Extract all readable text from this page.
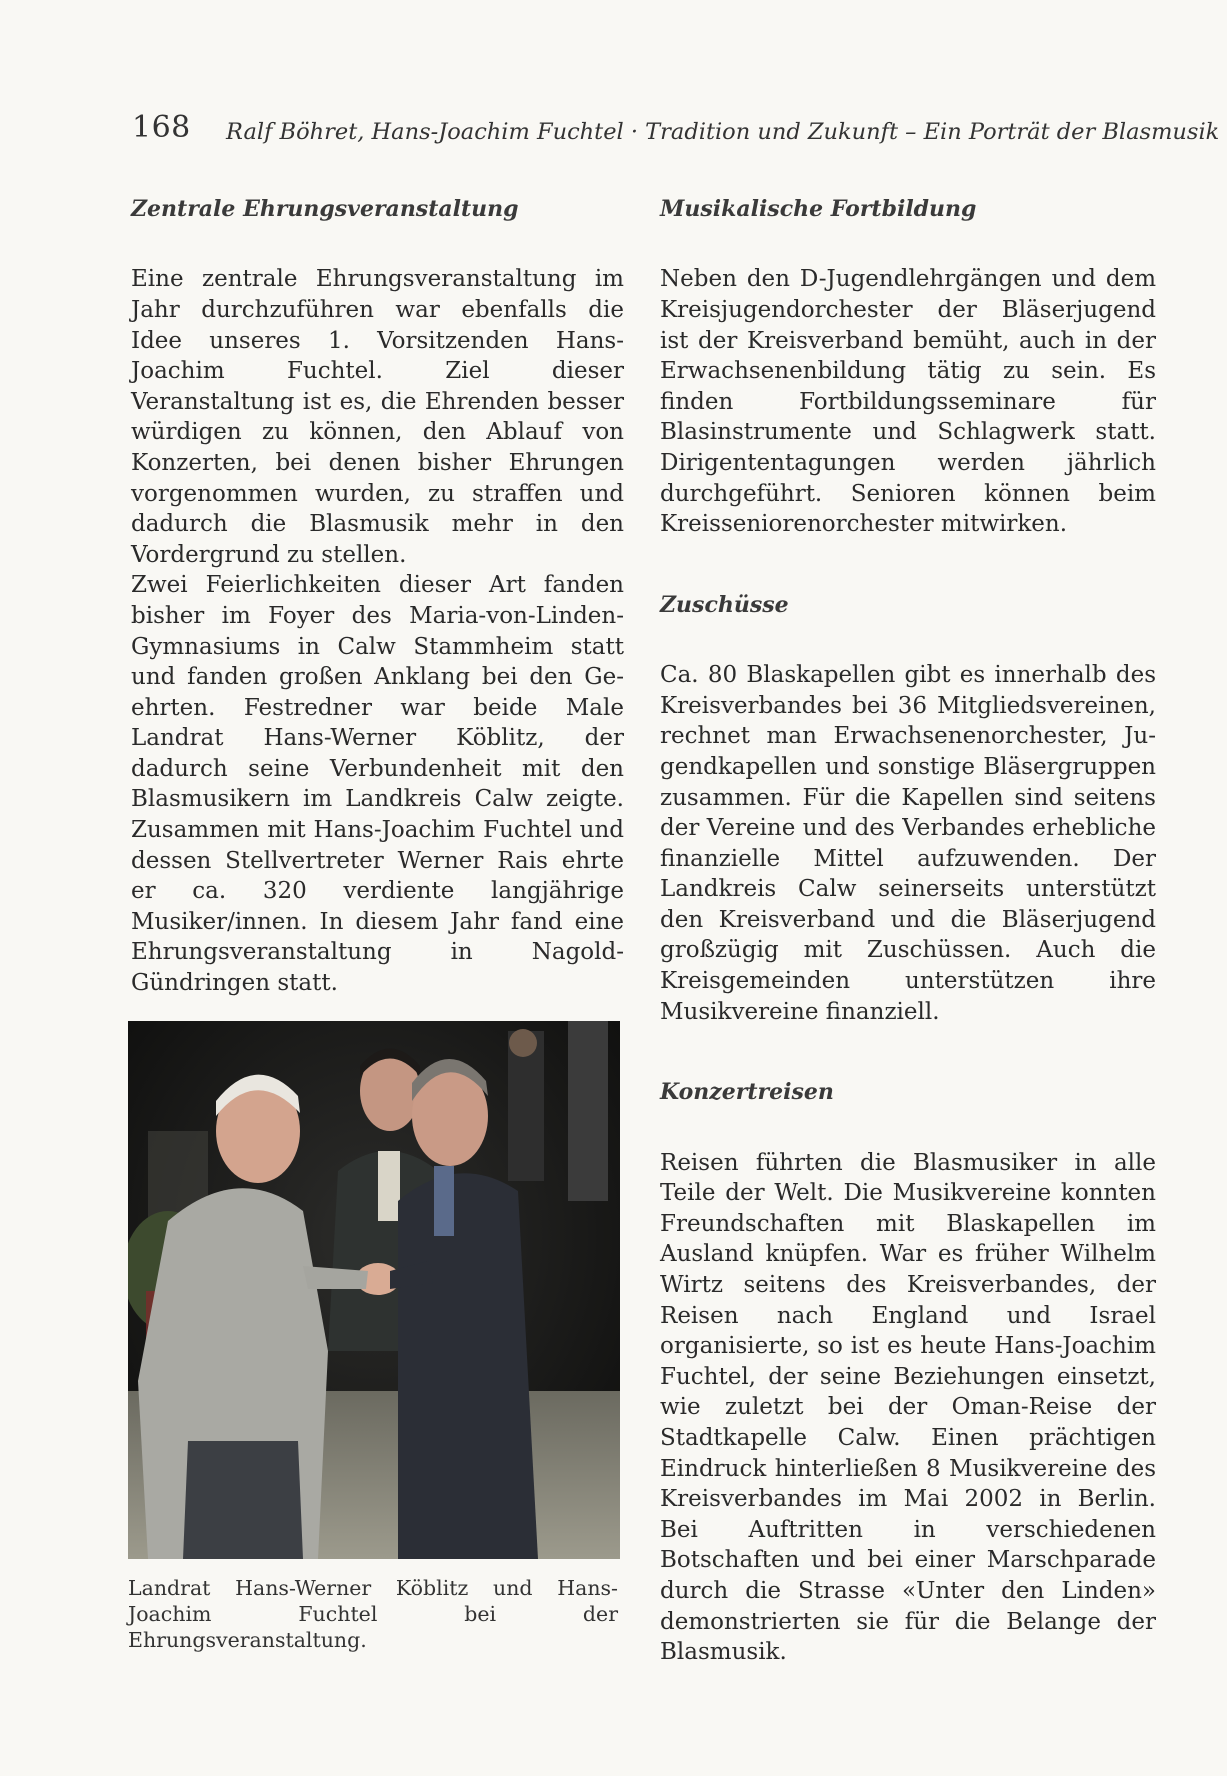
168 Ralf Böhret, Hans-Joachim Fuchtel · Tradition und Zukunft – Ein Porträt der Blasmusik
Zentrale Ehrungsveranstaltung

Eine zentrale Ehrungsveranstaltung im Jahr durchzuführen war ebenfalls die Idee unseres 1. Vorsitzenden Hans-Joachim Fuchtel. Ziel dieser Veranstaltung ist es, die Ehrenden besser würdigen zu können, den Ablauf von Konzerten, bei denen bisher Ehrungen vorgenommen wurden, zu straffen und dadurch die Blasmusik mehr in den Vordergrund zu stellen.

Zwei Feierlichkeiten dieser Art fanden bisher im Foyer des Maria-von-Linden-Gymnasiums in Calw Stammheim statt und fanden großen Anklang bei den Geehrten. Festredner war beide Male Landrat Hans-Werner Köblitz, der dadurch seine Verbundenheit mit den Blasmusikern im Landkreis Calw zeigte. Zusammen mit Hans-Joachim Fuchtel und dessen Stellvertreter Werner Rais ehrte er ca. 320 verdiente langjährige Musiker/innen. In diesem Jahr fand eine Ehrungsveranstaltung in Nagold-Gündringen statt.

Landrat Hans-Werner Köblitz und Hans-Joachim Fuchtel bei der Ehrungsveranstaltung.

Musikalische Fortbildung

Neben den D-Jugendlehrgängen und dem Kreisjugendorchester der Bläserjugend ist der Kreisverband bemüht, auch in der Erwachsenenbildung tätig zu sein. Es finden Fortbildungsseminare für Blasinstrumente und Schlagwerk statt. Dirigententagungen werden jährlich durchgeführt. Senioren können beim Kreisseniorenorchester mitwirken.

Zuschüsse

Ca. 80 Blaskapellen gibt es innerhalb des Kreisverbandes bei 36 Mitgliedsvereinen, rechnet man Erwachsenenorchester, Jugendkapellen und sonstige Bläsergruppen zusammen. Für die Kapellen sind seitens der Vereine und des Verbandes erhebliche finanzielle Mittel aufzuwenden. Der Landkreis Calw seinerseits unterstützt den Kreisverband und die Bläserjugend großzügig mit Zuschüssen. Auch die Kreisgemeinden unterstützen ihre Musikvereine finanziell.

Konzertreisen

Reisen führten die Blasmusiker in alle Teile der Welt. Die Musikvereine konnten Freundschaften mit Blaskapellen im Ausland knüpfen. War es früher Wilhelm Wirtz seitens des Kreisverbandes, der Reisen nach England und Israel organisierte, so ist es heute Hans-Joachim Fuchtel, der seine Beziehungen einsetzt, wie zuletzt bei der Oman-Reise der Stadtkapelle Calw. Einen prächtigen Eindruck hinterließen 8 Musikvereine des Kreisverbandes im Mai 2002 in Berlin. Bei Auftritten in verschiedenen Botschaften und bei einer Marschparade durch die Strasse «Unter den Linden» demonstrierten sie für die Belange der Blasmusik.
